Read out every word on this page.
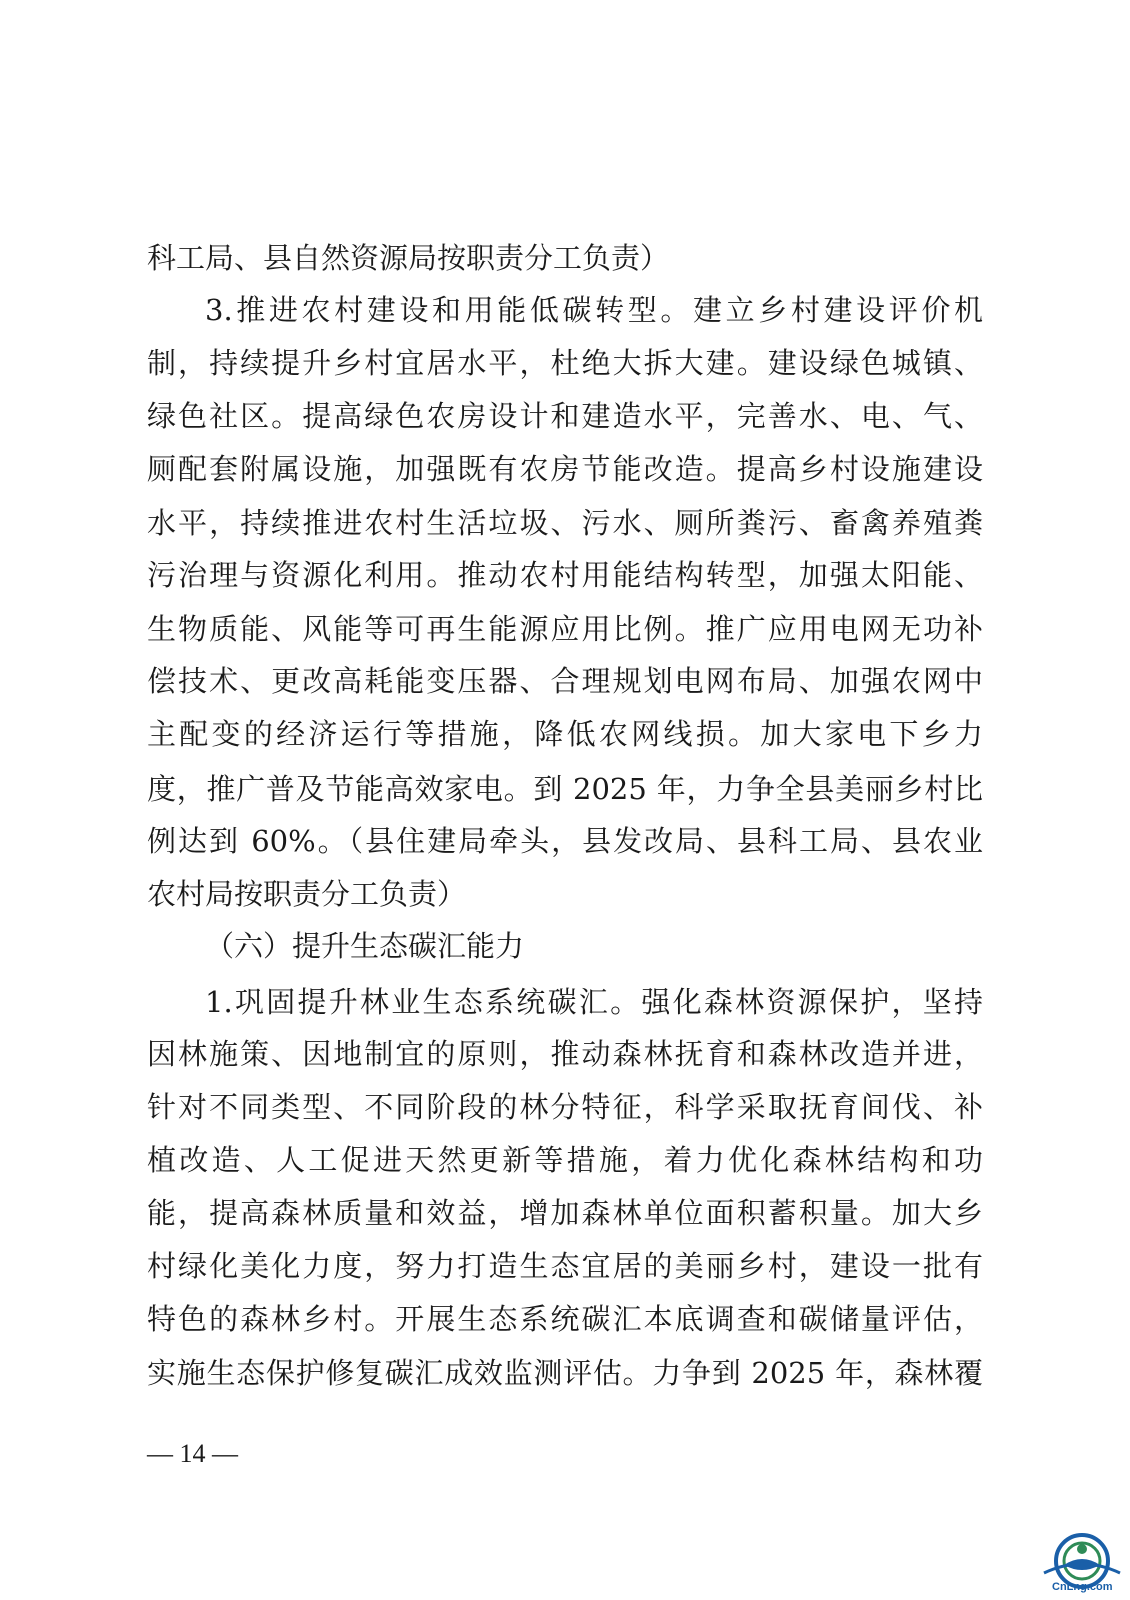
科工局、县自然资源局按职责分工负责）

3.推进农村建设和用能低碳转型。建立乡村建设评价机

制，持续提升乡村宜居水平，杜绝大拆大建。建设绿色城镇、

绿色社区。提高绿色农房设计和建造水平，完善水、电、气、

厕配套附属设施，加强既有农房节能改造。提高乡村设施建设

水平，持续推进农村生活垃圾、污水、厕所粪污、畜禽养殖粪

污治理与资源化利用。推动农村用能结构转型，加强太阳能、

生物质能、风能等可再生能源应用比例。推广应用电网无功补

偿技术、更改高耗能变压器、合理规划电网布局、加强农网中

主配变的经济运行等措施，降低农网线损。加大家电下乡力

度，推广普及节能高效家电。到 2025 年，力争全县美丽乡村比

例达到 60%。（县住建局牵头，县发改局、县科工局、县农业

农村局按职责分工负责）

（六）提升生态碳汇能力

1.巩固提升林业生态系统碳汇。强化森林资源保护，坚持

因林施策、因地制宜的原则，推动森林抚育和森林改造并进，

针对不同类型、不同阶段的林分特征，科学采取抚育间伐、补

植改造、人工促进天然更新等措施，着力优化森林结构和功

能，提高森林质量和效益，增加森林单位面积蓄积量。加大乡

村绿化美化力度，努力打造生态宜居的美丽乡村，建设一批有

特色的森林乡村。开展生态系统碳汇本底调查和碳储量评估，

实施生态保护修复碳汇成效监测评估。力争到 2025 年，森林覆

— 14 —
CnLng.com
